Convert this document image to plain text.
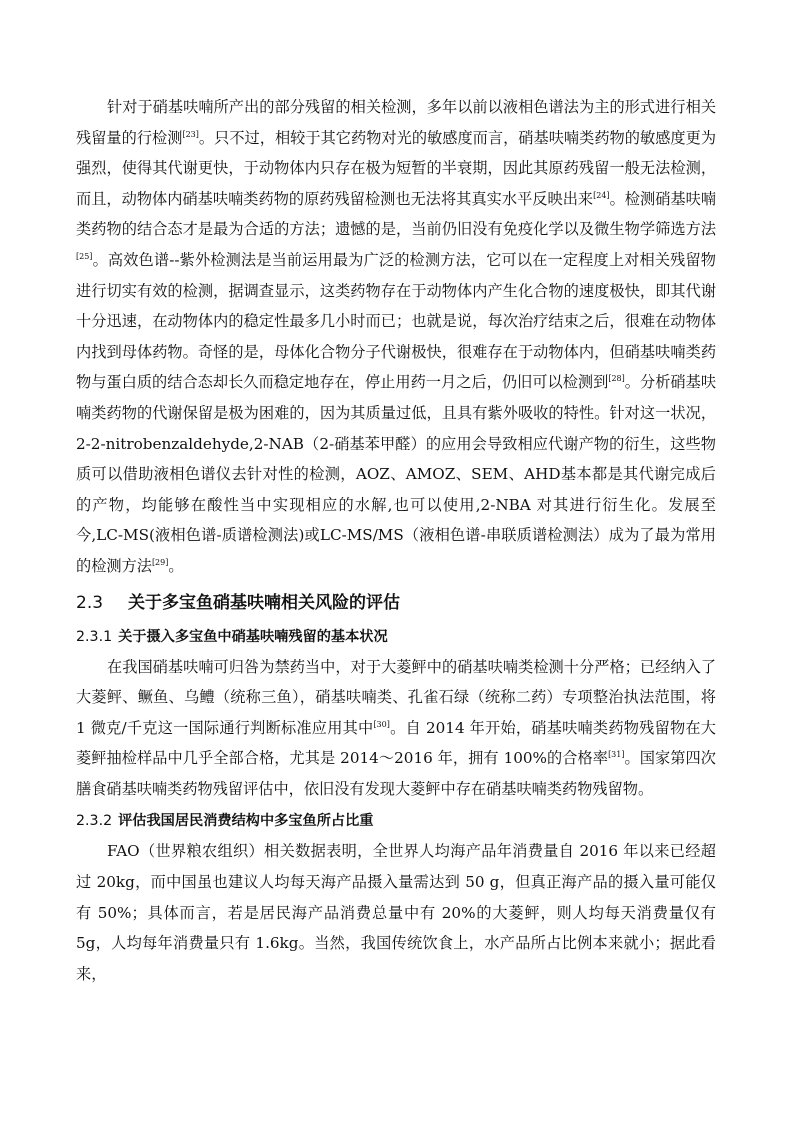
针对于硝基呋喃所产出的部分残留的相关检测，多年以前以液相色谱法为主的形式进行相关残留量的行检测[23]。只不过，相较于其它药物对光的敏感度而言，硝基呋喃类药物的敏感度更为强烈，使得其代谢更快，于动物体内只存在极为短暂的半衰期，因此其原药残留一般无法检测，而且，动物体内硝基呋喃类药物的原药残留检测也无法将其真实水平反映出来[24]。检测硝基呋喃类药物的结合态才是最为合适的方法；遗憾的是，当前仍旧没有免疫化学以及微生物学筛选方法[25]。高效色谱--紫外检测法是当前运用最为广泛的检测方法，它可以在一定程度上对相关残留物进行切实有效的检测，据调查显示，这类药物存在于动物体内产生化合物的速度极快，即其代谢十分迅速，在动物体内的稳定性最多几小时而已；也就是说，每次治疗结束之后，很难在动物体内找到母体药物。奇怪的是，母体化合物分子代谢极快，很难存在于动物体内，但硝基呋喃类药物与蛋白质的结合态却长久而稳定地存在，停止用药一月之后，仍旧可以检测到[28]。分析硝基呋喃类药物的代谢保留是极为困难的，因为其质量过低，且具有紫外吸收的特性。针对这一状况，2-2-nitrobenzaldehyde,2-NAB（2-硝基苯甲醛）的应用会导致相应代谢产物的衍生，这些物质可以借助液相色谱仪去针对性的检测，AOZ、AMOZ、SEM、AHD基本都是其代谢完成后的产物，均能够在酸性当中实现相应的水解,也可以使用,2-NBA 对其进行衍生化。发展至今,LC-MS(液相色谱-质谱检测法)或LC-MS/MS（液相色谱-串联质谱检测法）成为了最为常用的检测方法[29]。

2.3 关于多宝鱼硝基呋喃相关风险的评估
2.3.1 关于摄入多宝鱼中硝基呋喃残留的基本状况

在我国硝基呋喃可归咎为禁药当中，对于大菱鲆中的硝基呋喃类检测十分严格；已经纳入了大菱鲆、鳜鱼、乌鳢（统称三鱼），硝基呋喃类、孔雀石绿（统称二药）专项整治执法范围，将 1 微克/千克这一国际通行判断标准应用其中[30]。自 2014 年开始，硝基呋喃类药物残留物在大菱鲆抽检样品中几乎全部合格，尤其是 2014～2016 年，拥有 100%的合格率[31]。国家第四次膳食硝基呋喃类药物残留评估中，依旧没有发现大菱鲆中存在硝基呋喃类药物残留物。

2.3.2 评估我国居民消费结构中多宝鱼所占比重

FAO（世界粮农组织）相关数据表明，全世界人均海产品年消费量自 2016 年以来已经超过 20kg，而中国虽也建议人均每天海产品摄入量需达到 50 g，但真正海产品的摄入量可能仅有 50%；具体而言，若是居民海产品消费总量中有 20%的大菱鲆，则人均每天消费量仅有 5g，人均每年消费量只有 1.6kg。当然，我国传统饮食上，水产品所占比例本来就小；据此看来，
